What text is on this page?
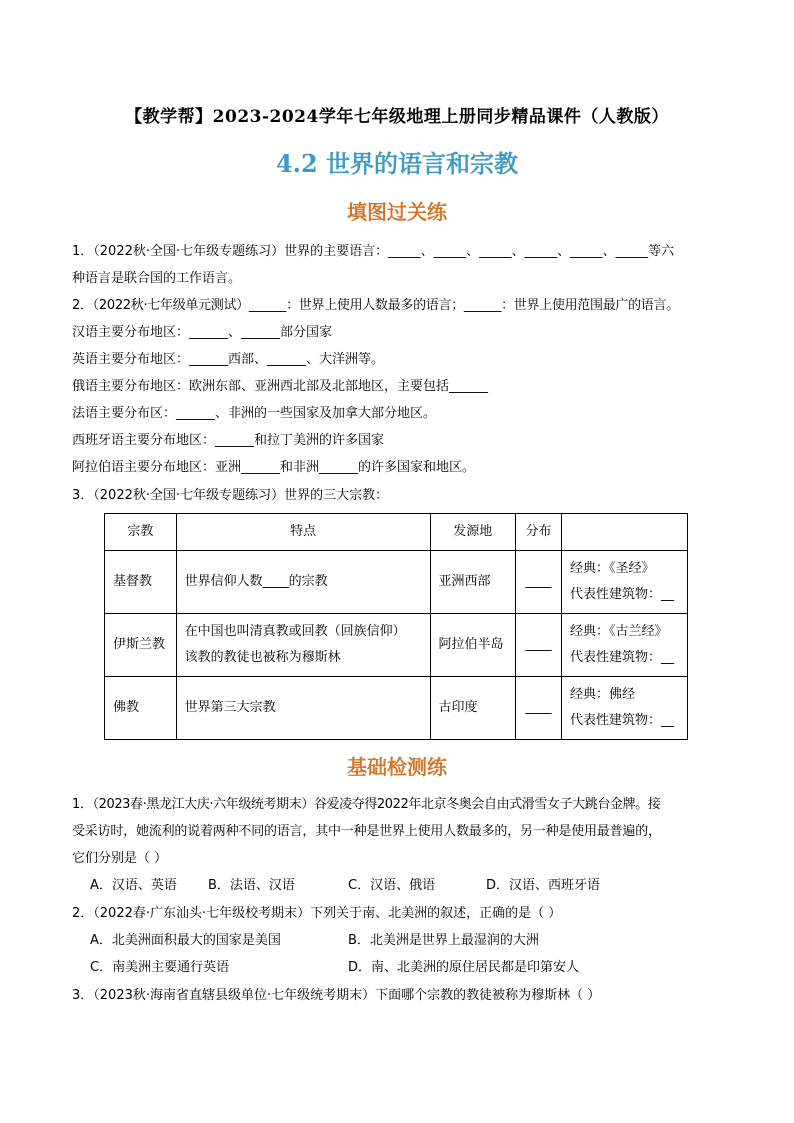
【教学帮】2023-2024学年七年级地理上册同步精品课件（人教版）
4.2 世界的语言和宗教
填图过关练
1．（2022秋·全国·七年级专题练习）世界的主要语言：_____、_____、_____、_____、_____、_____等六
种语言是联合国的工作语言。
2．（2022秋·七年级单元测试）______：世界上使用人数最多的语言；______：世界上使用范围最广的语言。
汉语主要分布地区：______、______部分国家
英语主要分布地区：______西部、______、大洋洲等。
俄语主要分布地区：欧洲东部、亚洲西北部及北部地区，主要包括______
法语主要分布区：______、非洲的一些国家及加拿大部分地区。
西班牙语主要分布地区：______和拉丁美洲的许多国家
阿拉伯语主要分布地区：亚洲______和非洲______的许多国家和地区。
3．（2022秋·全国·七年级专题练习）世界的三大宗教：
宗教	特点	发源地	分布	
基督教	世界信仰人数____的宗教	亚洲西部	____	经典：《圣经》
代表性建筑物：__

伊斯兰教	在中国也叫清真教或回教（回族信仰）
该教的教徒也被称为穆斯林	阿拉伯半岛	____	经典：《古兰经》
代表性建筑物：__

佛教	世界第三大宗教	古印度	____	经典：佛经
代表性建筑物：__
基础检测练
1．（2023春·黑龙江大庆·六年级统考期末）谷爱凌夺得2022年北京冬奥会自由式滑雪女子大跳台金牌。接
受采访时，她流利的说着两种不同的语言，其中一种是世界上使用人数最多的，另一种是使用最普遍的，
它们分别是（ ）
A．汉语、英语 B．法语、汉语	C．汉语、俄语	D．汉语、西班牙语
2．（2022春·广东汕头·七年级校考期末）下列关于南、北美洲的叙述，正确的是（ ）
A．北美洲面积最大的国家是美国	B．北美洲是世界上最湿润的大洲
C．南美洲主要通行英语	D．南、北美洲的原住居民都是印第安人
3．（2023秋·海南省直辖县级单位·七年级统考期末）下面哪个宗教的教徒被称为穆斯林（ ）
